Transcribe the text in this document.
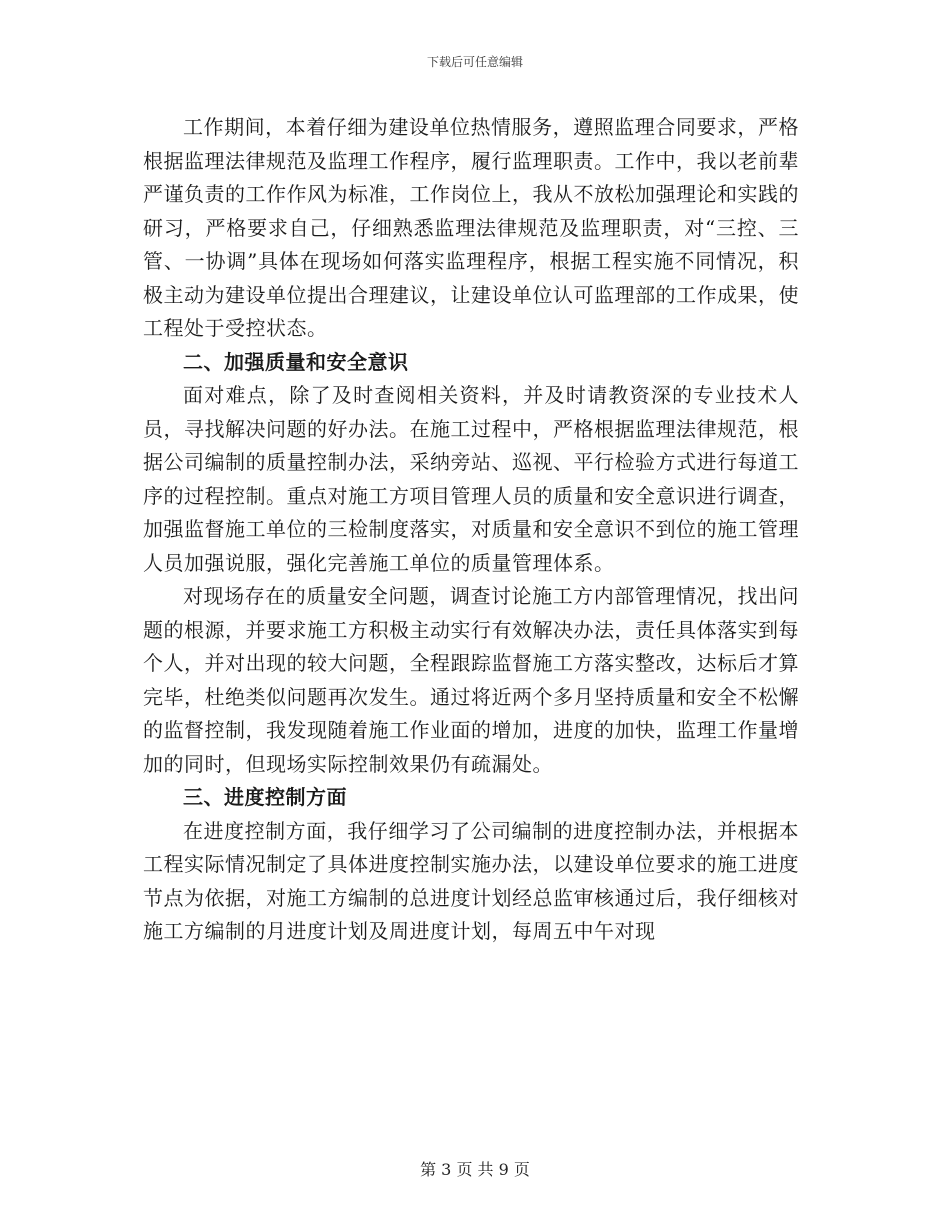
下载后可任意编辑

工作期间，本着仔细为建设单位热情服务，遵照监理合同要求，严格根据监理法律规范及监理工作程序，履行监理职责。工作中，我以老前辈严谨负责的工作作风为标准，工作岗位上，我从不放松加强理论和实践的研习，严格要求自己，仔细熟悉监理法律规范及监理职责，对“三控、三管、一协调”具体在现场如何落实监理程序，根据工程实施不同情况，积极主动为建设单位提出合理建议，让建设单位认可监理部的工作成果，使工程处于受控状态。

二、加强质量和安全意识

面对难点，除了及时查阅相关资料，并及时请教资深的专业技术人员，寻找解决问题的好办法。在施工过程中，严格根据监理法律规范，根据公司编制的质量控制办法，采纳旁站、巡视、平行检验方式进行每道工序的过程控制。重点对施工方项目管理人员的质量和安全意识进行调查，加强监督施工单位的三检制度落实，对质量和安全意识不到位的施工管理人员加强说服，强化完善施工单位的质量管理体系。

对现场存在的质量安全问题，调查讨论施工方内部管理情况，找出问题的根源，并要求施工方积极主动实行有效解决办法，责任具体落实到每个人，并对出现的较大问题，全程跟踪监督施工方落实整改，达标后才算完毕，杜绝类似问题再次发生。通过将近两个多月坚持质量和安全不松懈的监督控制，我发现随着施工作业面的增加，进度的加快，监理工作量增加的同时，但现场实际控制效果仍有疏漏处。

三、进度控制方面

在进度控制方面，我仔细学习了公司编制的进度控制办法，并根据本工程实际情况制定了具体进度控制实施办法，以建设单位要求的施工进度节点为依据，对施工方编制的总进度计划经总监审核通过后，我仔细核对施工方编制的月进度计划及周进度计划，每周五中午对现

第 3 页 共 9 页
